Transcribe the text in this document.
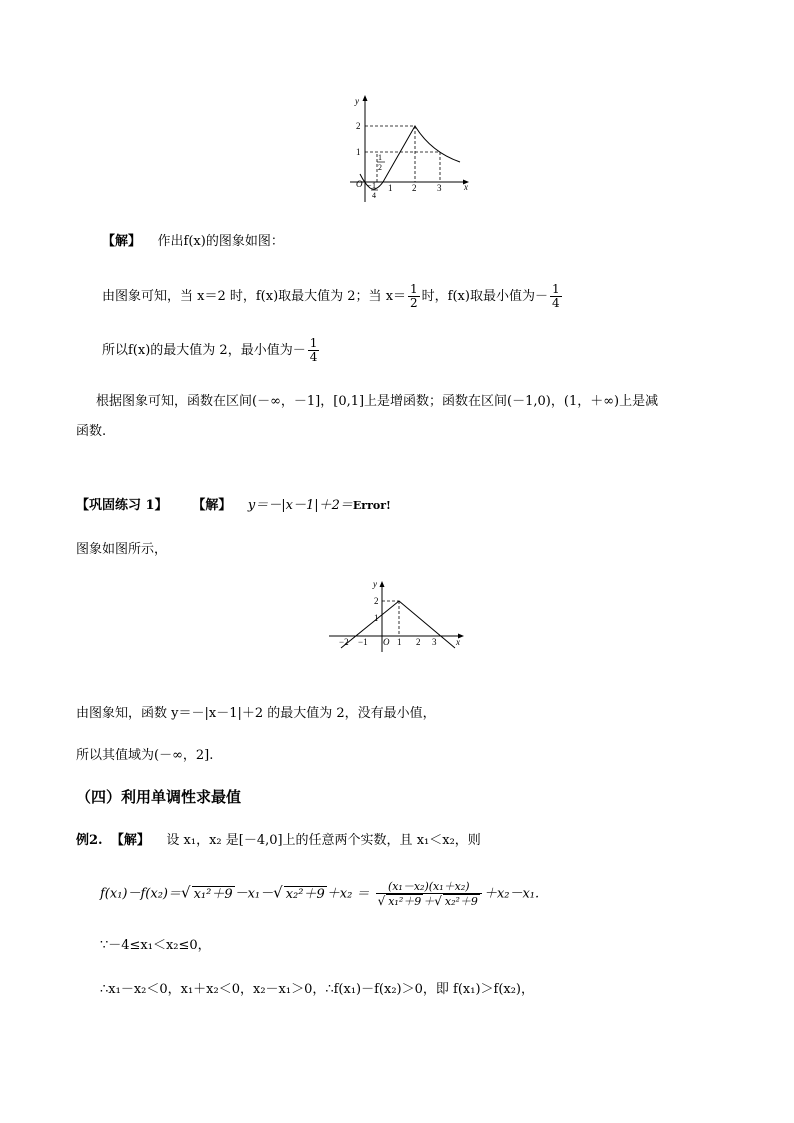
y
x
O
2
1
1 2 3
1
2
− 1
4
【解】 作出f(x)的图象如图：
由图象可知，当 x＝2 时，f(x)取最大值为 2；当 $x= \frac{1}{2}$ 时，f(x)取最小值为－ $\frac{1}{4}$
所以f(x)的最大值为 2，最小值为－ $\frac{1}{4}$
根据图象可知，函数在区间(－∞，－1]，[0,1]上是增函数；函数在区间(－1,0)，(1，＋∞)上是减
函数.
【巩固练习 1】 【解】 y＝－|x－1|＋2＝Error!
图象如图所示，
y
x
O
2
1
−2 −1	1 2 3
由图象知，函数 y＝－|x－1|＋2 的最大值为 2，没有最小值，
所以其值域为(－∞，2].
（四）利用单调性求最值
例2. 【解】 设 x₁，x₂ 是[－4,0]上的任意两个实数，且 x₁＜x₂，则
f(x₁)－f(x₂)＝√ x₁²＋9 －x₁－√ $x_2^2+9 +x_2 = \frac{\text{(x₁－x₂)(x₁＋x₂)}}{\text{√ x₁²＋9 ＋√ x₂²＋9}} +x_2-x_1$.
∵－4≤x₁＜x₂≤0，
∴x₁－x₂＜0，x₁＋x₂＜0，x₂－x₁＞0，∴f(x₁)－f(x₂)＞0，即 f(x₁)＞f(x₂)，
